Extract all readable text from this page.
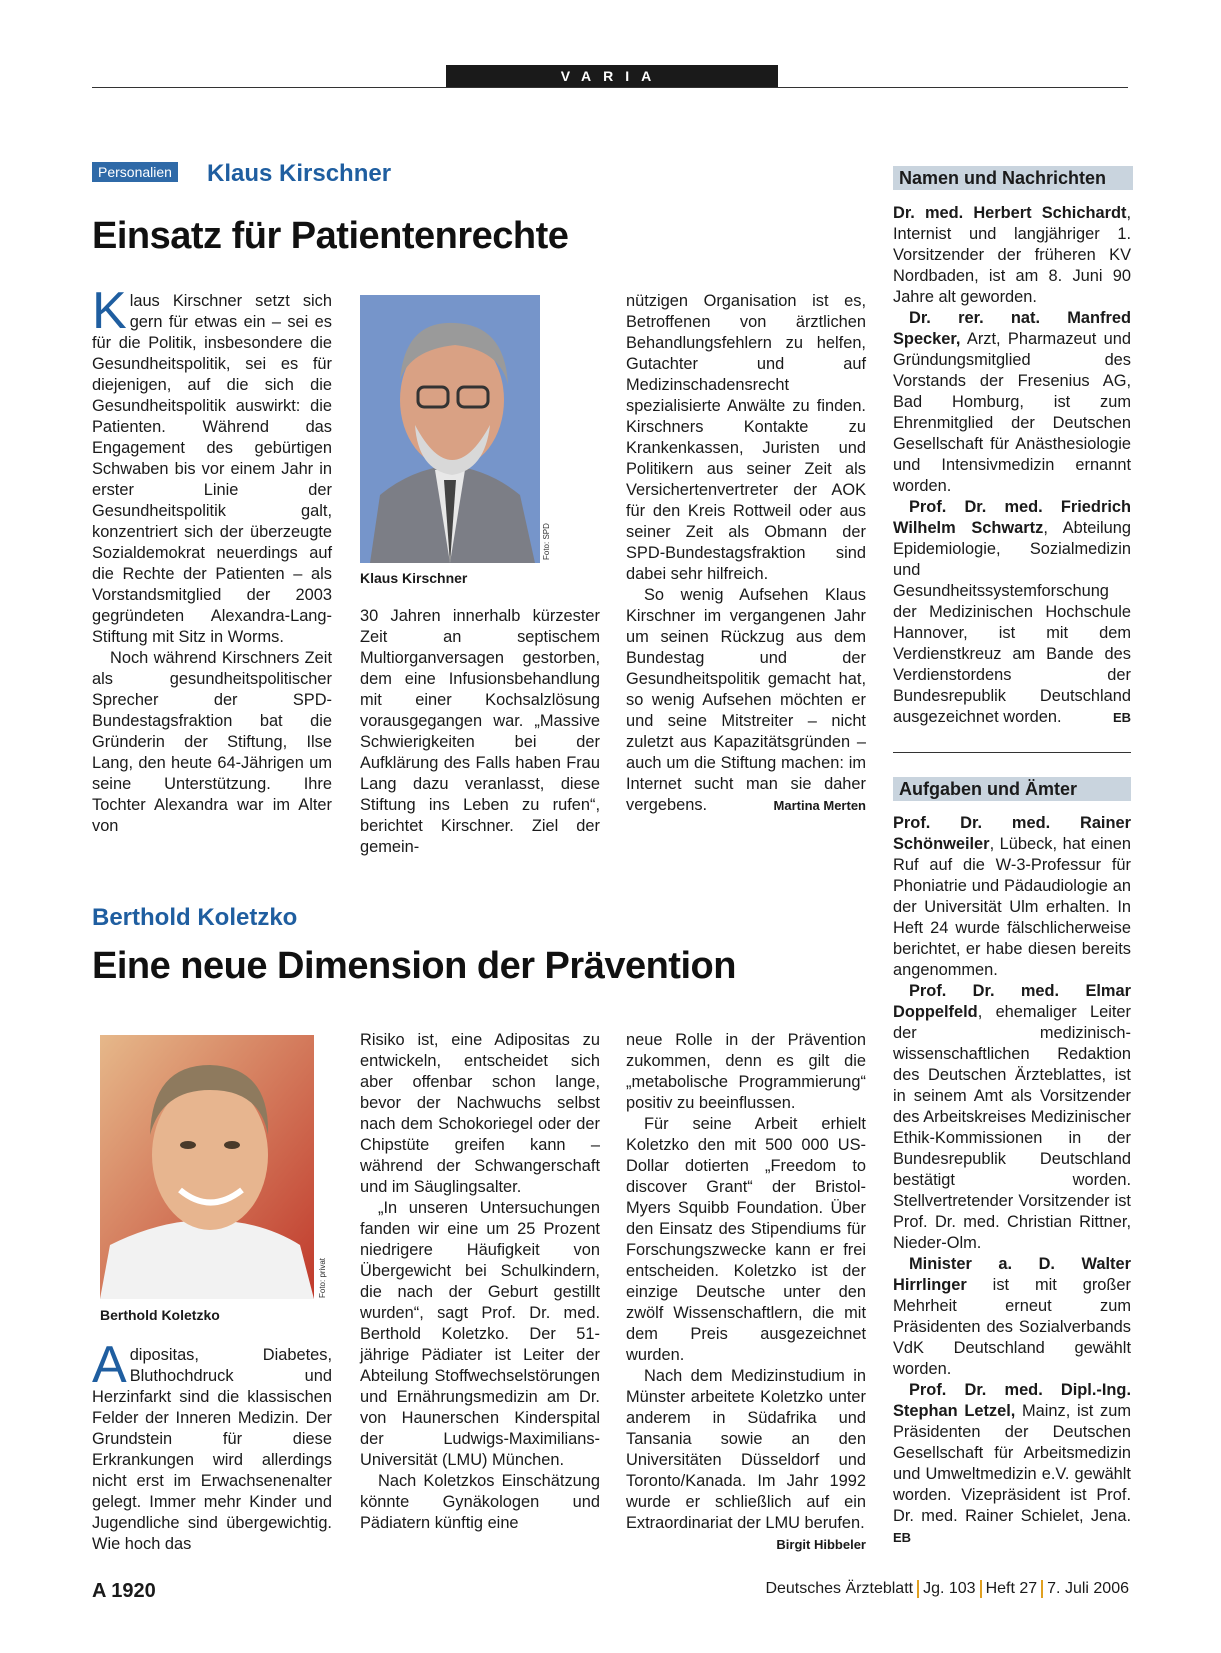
VARIA
Personalien Klaus Kirschner
Einsatz für Patientenrechte

Klaus Kirschner setzt sich gern für etwas ein – sei es für die Politik, insbesondere die Gesundheitspolitik, sei es für diejenigen, auf die sich die Gesundheitspolitik auswirkt: die Patienten. Während das Engagement des gebürtigen Schwaben bis vor einem Jahr in erster Linie der Gesundheitspolitik galt, konzentriert sich der überzeugte Sozialdemokrat neuerdings auf die Rechte der Patienten – als Vorstandsmitglied der 2003 gegründeten Alexandra-Lang-Stiftung mit Sitz in Worms.

Noch während Kirschners Zeit als gesundheitspolitischer Sprecher der SPD-Bundestagsfraktion bat die Gründerin der Stiftung, Ilse Lang, den heute 64-Jährigen um seine Unterstützung. Ihre Tochter Alexandra war im Alter von

Foto: SPD
Klaus Kirschner

30 Jahren innerhalb kürzester Zeit an septischem Multiorganversagen gestorben, dem eine Infusionsbehandlung mit einer Kochsalzlösung vorausgegangen war. „Massive Schwierigkeiten bei der Aufklärung des Falls haben Frau Lang dazu veranlasst, diese Stiftung ins Leben zu rufen“, berichtet Kirschner. Ziel der gemein-

nützigen Organisation ist es, Betroffenen von ärztlichen Behandlungsfehlern zu helfen, Gutachter und auf Medizinschadensrecht spezialisierte Anwälte zu finden. Kirschners Kontakte zu Krankenkassen, Juristen und Politikern aus seiner Zeit als Versichertenvertreter der AOK für den Kreis Rottweil oder aus seiner Zeit als Obmann der SPD-Bundestagsfraktion sind dabei sehr hilfreich.

So wenig Aufsehen Klaus Kirschner im vergangenen Jahr um seinen Rückzug aus dem Bundestag und der Gesundheitspolitik gemacht hat, so wenig Aufsehen möchten er und seine Mitstreiter – nicht zuletzt aus Kapazitätsgründen – auch um die Stiftung machen: im Internet sucht man sie daher vergebens.	Martina Merten

Berthold Koletzko
Eine neue Dimension der Prävention
Foto: privat
Berthold Koletzko

Adipositas, Diabetes, Bluthochdruck und Herzinfarkt sind die klassischen Felder der Inneren Medizin. Der Grundstein für diese Erkrankungen wird allerdings nicht erst im Erwachsenenalter gelegt. Immer mehr Kinder und Jugendliche sind übergewichtig. Wie hoch das

Risiko ist, eine Adipositas zu entwickeln, entscheidet sich aber offenbar schon lange, bevor der Nachwuchs selbst nach dem Schokoriegel oder der Chipstüte greifen kann – während der Schwangerschaft und im Säuglingsalter.

„In unseren Untersuchungen fanden wir eine um 25 Prozent niedrigere Häufigkeit von Übergewicht bei Schulkindern, die nach der Geburt gestillt wurden“, sagt Prof. Dr. med. Berthold Koletzko. Der 51-jährige Pädiater ist Leiter der Abteilung Stoffwechselstörungen und Ernährungsmedizin am Dr. von Haunerschen Kinderspital der Ludwigs-Maximilians-Universität (LMU) München.

Nach Koletzkos Einschätzung könnte Gynäkologen und Pädiatern künftig eine

neue Rolle in der Prävention zukommen, denn es gilt die „metabolische Programmierung“ positiv zu beeinflussen.

Für seine Arbeit erhielt Koletzko den mit 500 000 US-Dollar dotierten „Freedom to discover Grant“ der Bristol-Myers Squibb Foundation. Über den Einsatz des Stipendiums für Forschungszwecke kann er frei entscheiden. Koletzko ist der einzige Deutsche unter den zwölf Wissenschaftlern, die mit dem Preis ausgezeichnet wurden.

Nach dem Medizinstudium in Münster arbeitete Koletzko unter anderem in Südafrika und Tansania sowie an den Universitäten Düsseldorf und Toronto/Kanada. Im Jahr 1992 wurde er schließlich auf ein Extraordinariat der LMU berufen.
Birgit Hibbeler

Namen und Nachrichten

Dr. med. Herbert Schichardt, Internist und langjähriger 1. Vorsitzender der früheren KV Nordbaden, ist am 8. Juni 90 Jahre alt geworden.

Dr. rer. nat. Manfred Specker, Arzt, Pharmazeut und Gründungsmitglied des Vorstands der Fresenius AG, Bad Homburg, ist zum Ehrenmitglied der Deutschen Gesellschaft für Anästhesiologie und Intensivmedizin ernannt worden.

Prof. Dr. med. Friedrich Wilhelm Schwartz, Abteilung Epidemiologie, Sozialmedizin und Gesundheitssystemforschung der Medizinischen Hochschule Hannover, ist mit dem Verdienstkreuz am Bande des Verdienstordens der Bundesrepublik Deutschland ausgezeichnet worden.	EB

Aufgaben und Ämter

Prof. Dr. med. Rainer Schönweiler, Lübeck, hat einen Ruf auf die W-3-Professur für Phoniatrie und Pädaudiologie an der Universität Ulm erhalten. In Heft 24 wurde fälschlicherweise berichtet, er habe diesen bereits angenommen.

Prof. Dr. med. Elmar Doppelfeld, ehemaliger Leiter der medizinisch-wissenschaftlichen Redaktion des Deutschen Ärzteblattes, ist in seinem Amt als Vorsitzender des Arbeitskreises Medizinischer Ethik-Kommissionen in der Bundesrepublik Deutschland bestätigt worden. Stellvertretender Vorsitzender ist Prof. Dr. med. Christian Rittner, Nieder-Olm.

Minister a. D. Walter Hirrlinger ist mit großer Mehrheit erneut zum Präsidenten des Sozialverbands VdK Deutschland gewählt worden.

Prof. Dr. med. Dipl.-Ing. Stephan Letzel, Mainz, ist zum Präsidenten der Deutschen Gesellschaft für Arbeitsmedizin und Umweltmedizin e.V. gewählt worden. Vizepräsident ist Prof. Dr. med. Rainer Schielet, Jena. EB

A 1920	Deutsches Ärzteblatt Jg. 103 Heft 27 7. Juli 2006
